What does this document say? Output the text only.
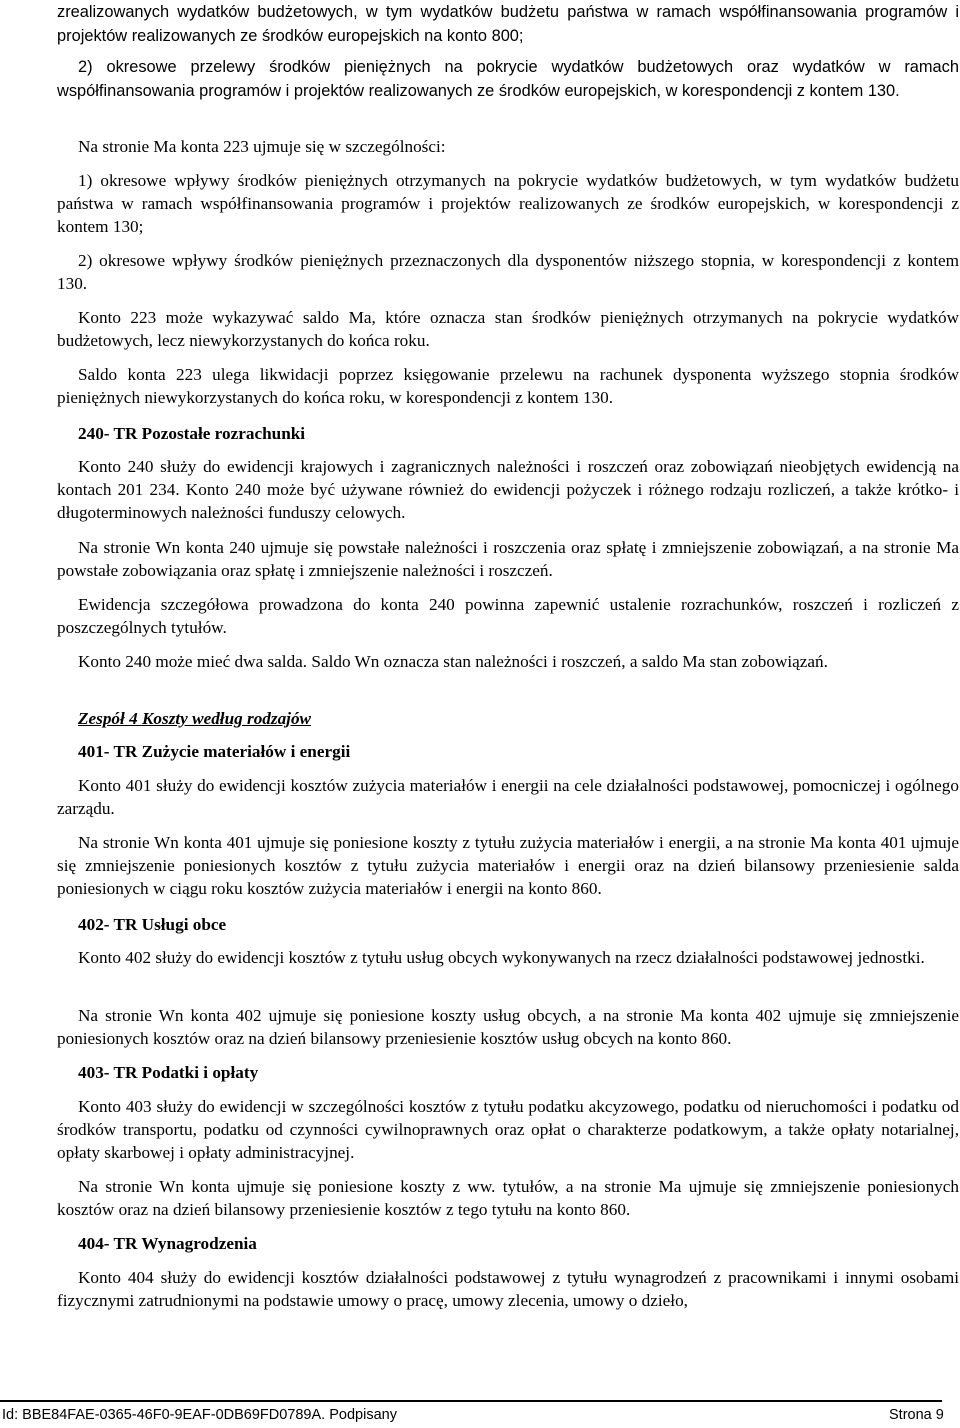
zrealizowanych wydatków budżetowych, w tym wydatków budżetu państwa w ramach współfinansowania programów i projektów realizowanych ze środków europejskich na konto 800;

2) okresowe przelewy środków pieniężnych na pokrycie wydatków budżetowych oraz wydatków w ramach współfinansowania programów i projektów realizowanych ze środków europejskich, w korespondencji z kontem 130.

Na stronie Ma konta 223 ujmuje się w szczególności:

1) okresowe wpływy środków pieniężnych otrzymanych na pokrycie wydatków budżetowych, w tym wydatków budżetu państwa w ramach współfinansowania programów i projektów realizowanych ze środków europejskich, w korespondencji z kontem 130;

2) okresowe wpływy środków pieniężnych przeznaczonych dla dysponentów niższego stopnia, w korespondencji z kontem 130.

Konto 223 może wykazywać saldo Ma, które oznacza stan środków pieniężnych otrzymanych na pokrycie wydatków budżetowych, lecz niewykorzystanych do końca roku.

Saldo konta 223 ulega likwidacji poprzez księgowanie przelewu na rachunek dysponenta wyższego stopnia środków pieniężnych niewykorzystanych do końca roku, w korespondencji z kontem 130.

240- TR Pozostałe rozrachunki

Konto 240 służy do ewidencji krajowych i zagranicznych należności i roszczeń oraz zobowiązań nieobjętych ewidencją na kontach 201 234. Konto 240 może być używane również do ewidencji pożyczek i różnego rodzaju rozliczeń, a także krótko- i długoterminowych należności funduszy celowych.

Na stronie Wn konta 240 ujmuje się powstałe należności i roszczenia oraz spłatę i zmniejszenie zobowiązań, a na stronie Ma powstałe zobowiązania oraz spłatę i zmniejszenie należności i roszczeń.

Ewidencja szczegółowa prowadzona do konta 240 powinna zapewnić ustalenie rozrachunków, roszczeń i rozliczeń z poszczególnych tytułów.

Konto 240 może mieć dwa salda. Saldo Wn oznacza stan należności i roszczeń, a saldo Ma stan zobowiązań.

Zespół 4 Koszty według rodzajów

401- TR Zużycie materiałów i energii

Konto 401 służy do ewidencji kosztów zużycia materiałów i energii na cele działalności podstawowej, pomocniczej i ogólnego zarządu.

Na stronie Wn konta 401 ujmuje się poniesione koszty z tytułu zużycia materiałów i energii, a na stronie Ma konta 401 ujmuje się zmniejszenie poniesionych kosztów z tytułu zużycia materiałów i energii oraz na dzień bilansowy przeniesienie salda poniesionych w ciągu roku kosztów zużycia materiałów i energii na konto 860.

402- TR Usługi obce

Konto 402 służy do ewidencji kosztów z tytułu usług obcych wykonywanych na rzecz działalności podstawowej jednostki.

Na stronie Wn konta 402 ujmuje się poniesione koszty usług obcych, a na stronie Ma konta 402 ujmuje się zmniejszenie poniesionych kosztów oraz na dzień bilansowy przeniesienie kosztów usług obcych na konto 860.

403- TR Podatki i opłaty

Konto 403 służy do ewidencji w szczególności kosztów z tytułu podatku akcyzowego, podatku od nieruchomości i podatku od środków transportu, podatku od czynności cywilnoprawnych oraz opłat o charakterze podatkowym, a także opłaty notarialnej, opłaty skarbowej i opłaty administracyjnej.

Na stronie Wn konta ujmuje się poniesione koszty z ww. tytułów, a na stronie Ma ujmuje się zmniejszenie poniesionych kosztów oraz na dzień bilansowy przeniesienie kosztów z tego tytułu na konto 860.

404- TR Wynagrodzenia

Konto 404 służy do ewidencji kosztów działalności podstawowej z tytułu wynagrodzeń z pracownikami i innymi osobami fizycznymi zatrudnionymi na podstawie umowy o pracę, umowy zlecenia, umowy o dzieło,

Id: BBE84FAE-0365-46F0-9EAF-0DB69FD0789A. Podpisany	Strona 9
